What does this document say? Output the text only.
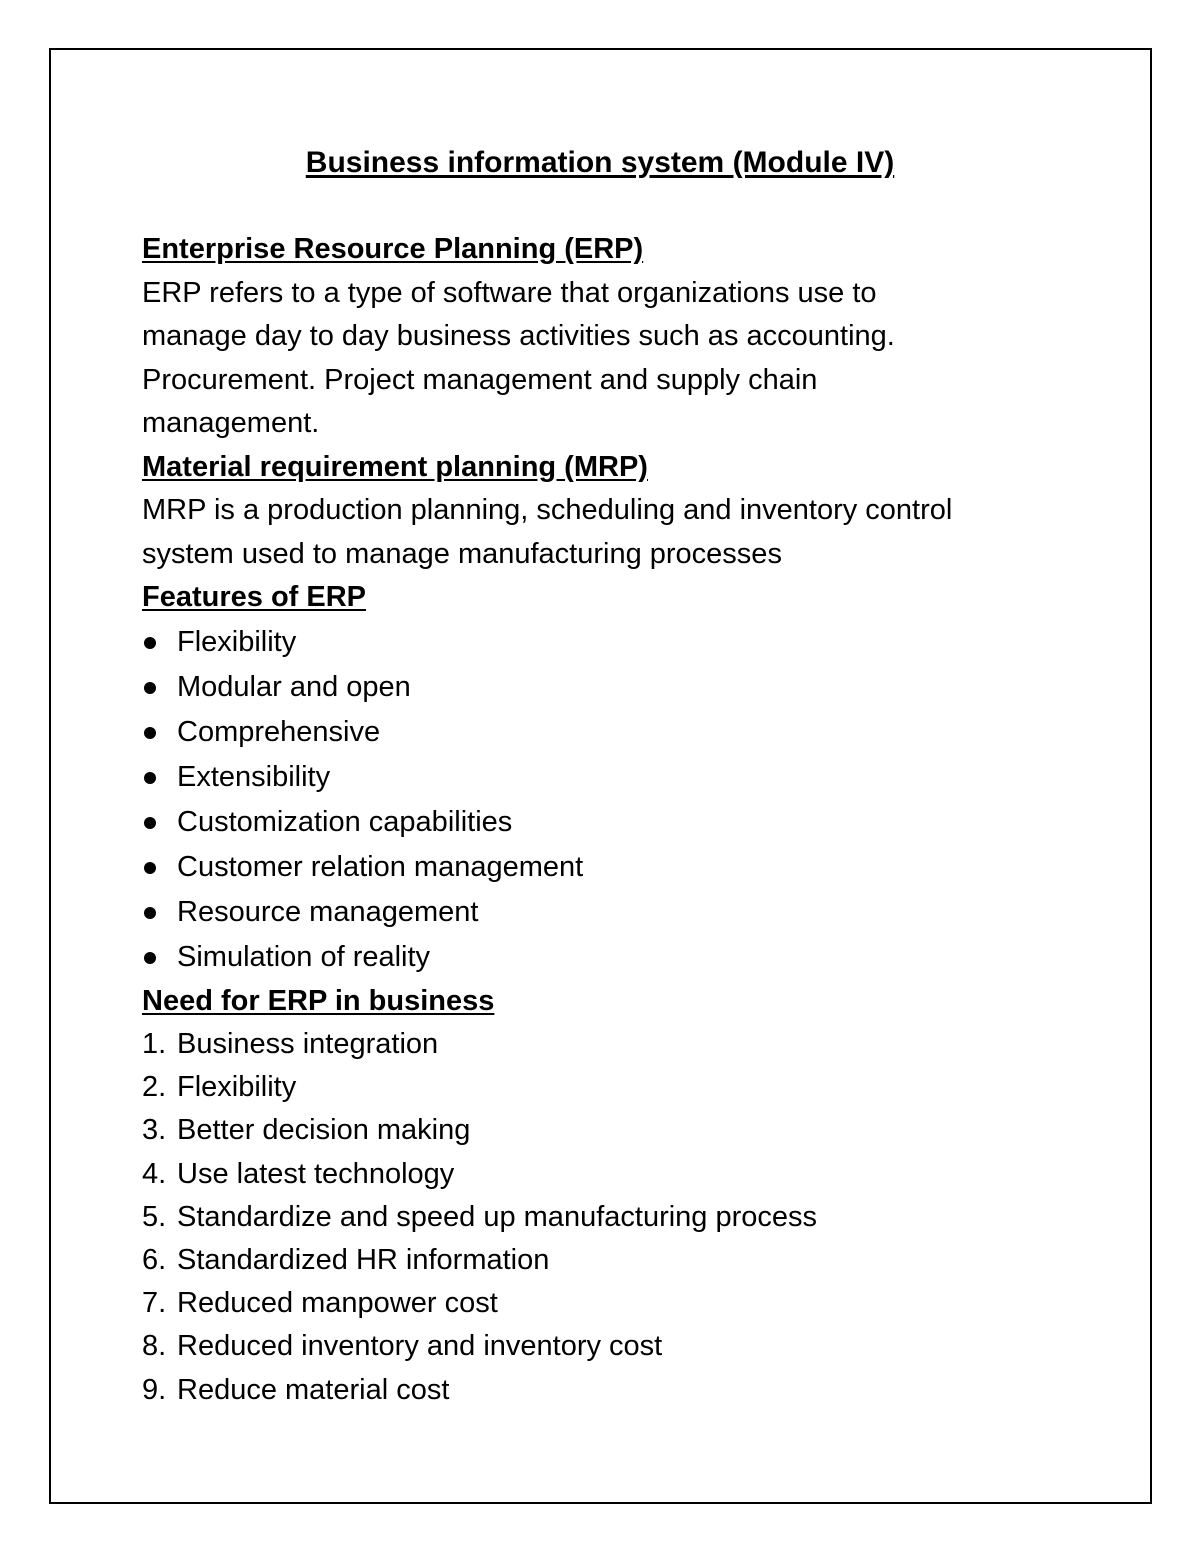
Business information system (Module IV)
Enterprise Resource Planning (ERP)
ERP refers to a type of software that organizations use to
manage day to day business activities such as accounting.
Procurement. Project management and supply chain
management.
Material requirement planning (MRP)
MRP is a production planning, scheduling and inventory control
system used to manage manufacturing processes
Features of ERP
Flexibility
Modular and open
Comprehensive
Extensibility
Customization capabilities
Customer relation management
Resource management
Simulation of reality
Need for ERP in business
1. Business integration
2. Flexibility
3. Better decision making
4. Use latest technology
5. Standardize and speed up manufacturing process
6. Standardized HR information
7. Reduced manpower cost
8. Reduced inventory and inventory cost
9. Reduce material cost
